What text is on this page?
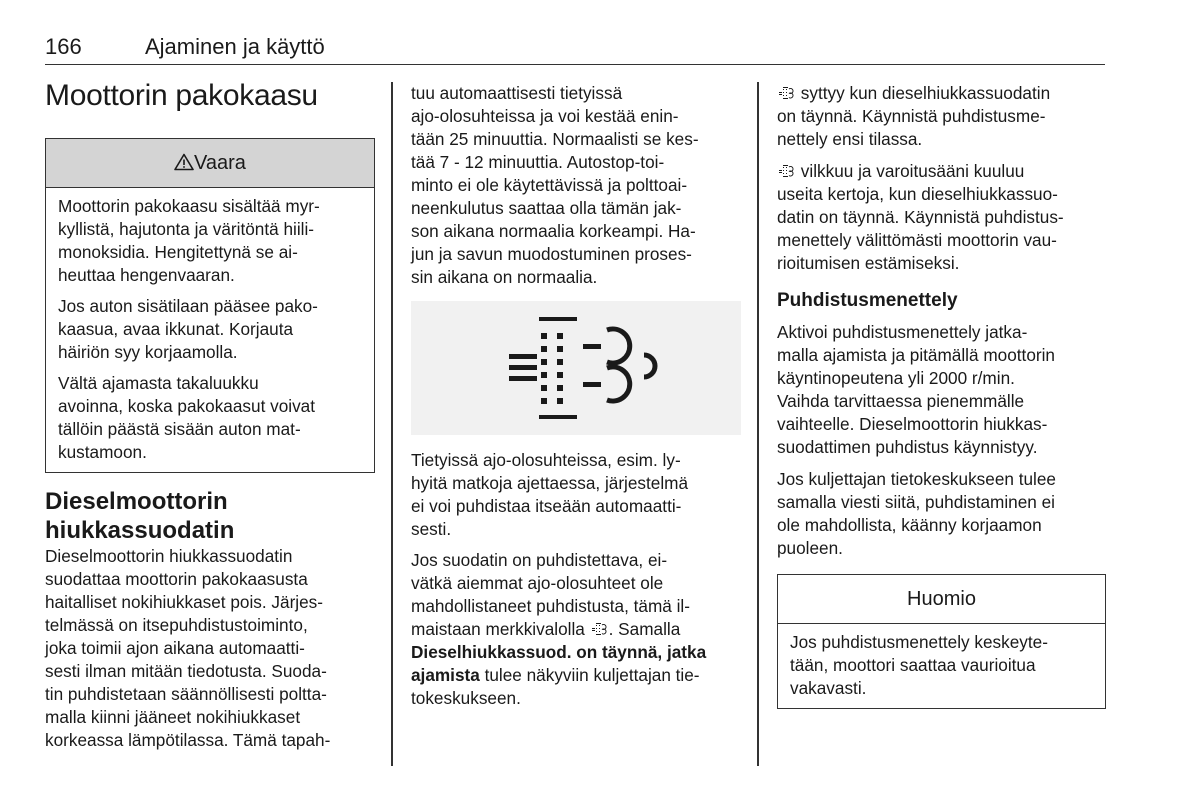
166	Ajaminen ja käyttö
Moottorin pakokaasu
Vaara

Moottorin pakokaasu sisältää myr-
kyllistä, hajutonta ja väritöntä hiili-
monoksidia. Hengitettynä se ai-
heuttaa hengenvaaran.

Jos auton sisätilaan pääsee pako-
kaasua, avaa ikkunat. Korjauta
häiriön syy korjaamolla.

Vältä ajamasta takaluukku
avoinna, koska pakokaasut voivat
tällöin päästä sisään auton mat-
kustamoon.

Dieselmoottorin
hiukkassuodatin

Dieselmoottorin hiukkassuodatin
suodattaa moottorin pakokaasusta
haitalliset nokihiukkaset pois. Järjes-
telmässä on itsepuhdistustoiminto,
joka toimii ajon aikana automaatti-
sesti ilman mitään tiedotusta. Suoda-
tin puhdistetaan säännöllisesti poltta-
malla kiinni jääneet nokihiukkaset
korkeassa lämpötilassa. Tämä tapah-

tuu automaattisesti tietyissä
ajo-olosuhteissa ja voi kestää enin-
tään 25 minuuttia. Normaalisti se kes-
tää 7 - 12 minuuttia. Autostop-toi-
minto ei ole käytettävissä ja polttoai-
neenkulutus saattaa olla tämän jak-
son aikana normaalia korkeampi. Ha-
jun ja savun muodostuminen proses-
sin aikana on normaalia.

Tietyissä ajo-olosuhteissa, esim. ly-
hyitä matkoja ajettaessa, järjestelmä
ei voi puhdistaa itseään automaatti-
sesti.

Jos suodatin on puhdistettava, ei-
vätkä aiemmat ajo-olosuhteet ole
mahdollistaneet puhdistusta, tämä il-
maistaan merkkivalolla . Samalla
Dieselhiukkassuod. on täynnä, jatka
ajamista tulee näkyviin kuljettajan tie-
tokeskukseen.

syttyy kun dieselhiukkassuodatin
on täynnä. Käynnistä puhdistusme-
nettely ensi tilassa.

vilkkuu ja varoitusääni kuuluu
useita kertoja, kun dieselhiukkassuo-
datin on täynnä. Käynnistä puhdistus-
menettely välittömästi moottorin vau-
rioitumisen estämiseksi.

Puhdistusmenettely

Aktivoi puhdistusmenettely jatka-
malla ajamista ja pitämällä moottorin
käyntinopeutena yli 2000 r/min.
Vaihda tarvittaessa pienemmälle
vaihteelle. Dieselmoottorin hiukkas-
suodattimen puhdistus käynnistyy.

Jos kuljettajan tietokeskukseen tulee
samalla viesti siitä, puhdistaminen ei
ole mahdollista, käänny korjaamon
puoleen.

Huomio

Jos puhdistusmenettely keskeyte-
tään, moottori saattaa vaurioitua
vakavasti.
